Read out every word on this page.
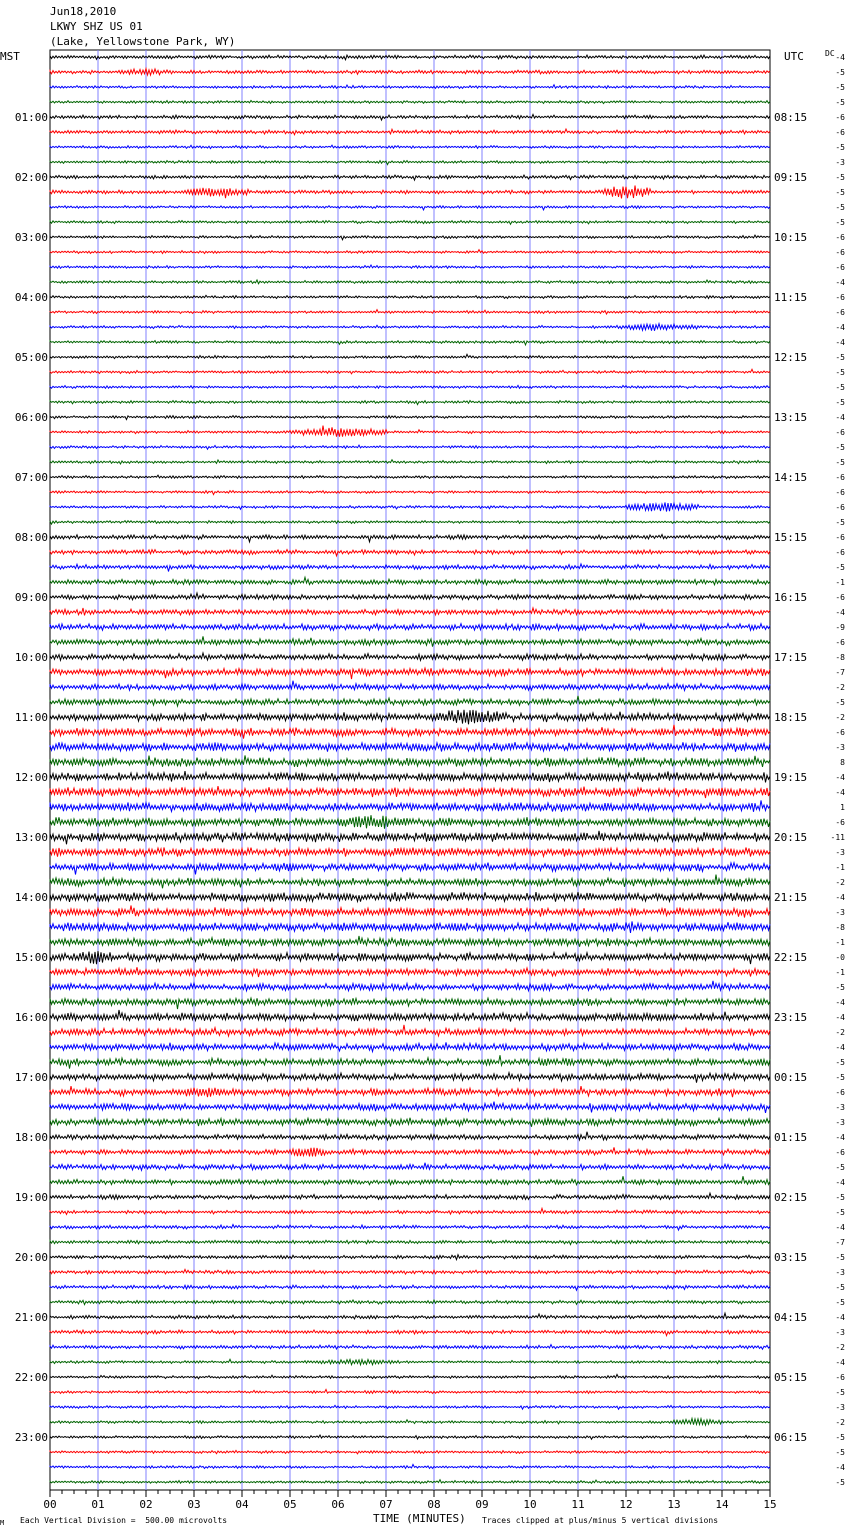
Jun18,2010
LKWY SHZ US 01
(Lake, Yellowstone Park, WY)
MST	UTC	DC
01:00	08:15
02:00	09:15
03:00	10:15
04:00	11:15
05:00	12:15
06:00	13:15
07:00	14:15
08:00	15:15
09:00	16:15
10:00	17:15
11:00	18:15
12:00	19:15
13:00	20:15
14:00	21:15
15:00	22:15
16:00	23:15
17:00	00:15
18:00	01:15
19:00	02:15
20:00	03:15
21:00	04:15
22:00	05:15
23:00	06:15
-4
-5
-5
-5
-6
-6
-5
-3
-5
-5
-5
-5
-6
-6
-6
-4
-6
-6
-4
-4
-5
-5
-5
-5
-4
-6
-5
-5
-6
-6
-6
-5
-6
-6
-5
-1
-6
-4
-9
-6
-8
-7
-2
-5
-2
-6
-3
8
-4
-4
1
-6
-11
-3
-1
-2
-4
-3
-8
-1
-0
-1
-5
-4
-4
-2
-4
-5
-5
-6
-3
-3
-4
-6
-5
-4
-5
-5
-4
-7
-5
-3
-5
-5
-4
-3
-2
-4
-6
-5
-3
-2
-5
-5
-4
-5
00	01	02	03	04	05	06	07	08	09	10	11	12	13	14	15
M Each Vertical Division =  500.00 microvolts	TIME (MINUTES) Traces clipped at plus/minus 5 vertical divisions
